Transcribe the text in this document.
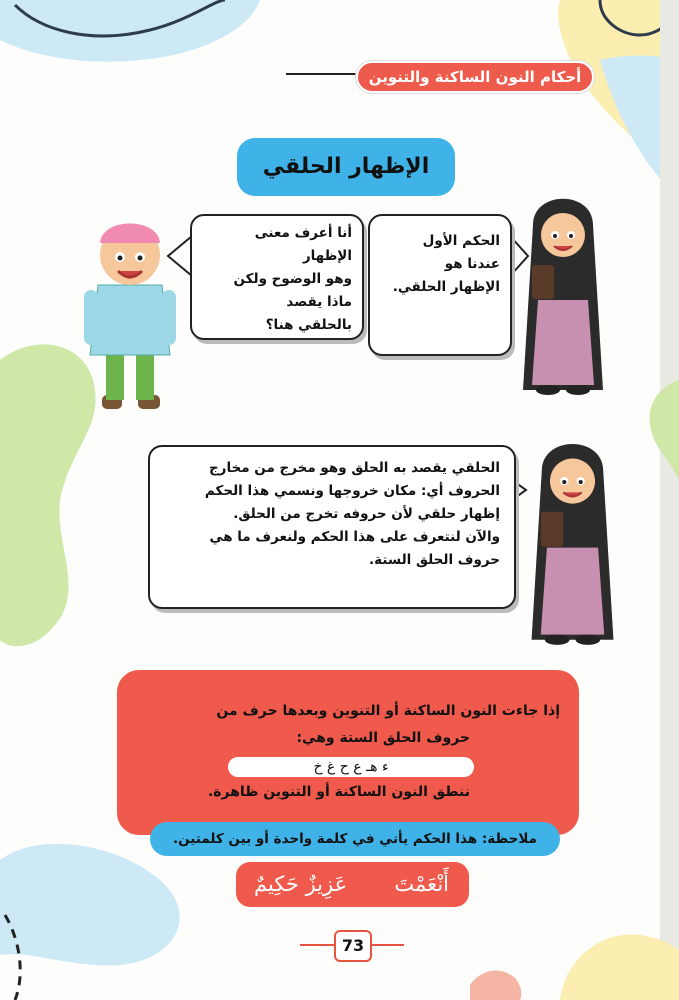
أحكام النون الساكنة والتنوين
الإظهار الحلقي
أنا أعرف معنى الإظهار
وهو الوضوح ولكن
ماذا يقصد
بالحلقي هنا؟
الحكم الأول
عندنا هو
الإظهار الحلقي.
الحلقي يقصد به الحلق وهو مخرج من مخارج
الحروف أي: مكان خروجها ونسمي هذا الحكم
إظهار حلقي لأن حروفه تخرج من الحلق.
والآن لنتعرف على هذا الحكم ولنعرف ما هي
حروف الحلق الستة.
إذا جاءت النون الساكنة أو التنوين وبعدها حرف من
حروف الحلق الستة وهي:
ء هـ ع ح غ خ
ننطق النون الساكنة أو التنوين ظاهرة.
ملاحظة: هذا الحكم يأتي في كلمة واحدة أو بين كلمتين.
أَنْعَمْتَ
عَزِيزٌ حَكِيمٌ
73
